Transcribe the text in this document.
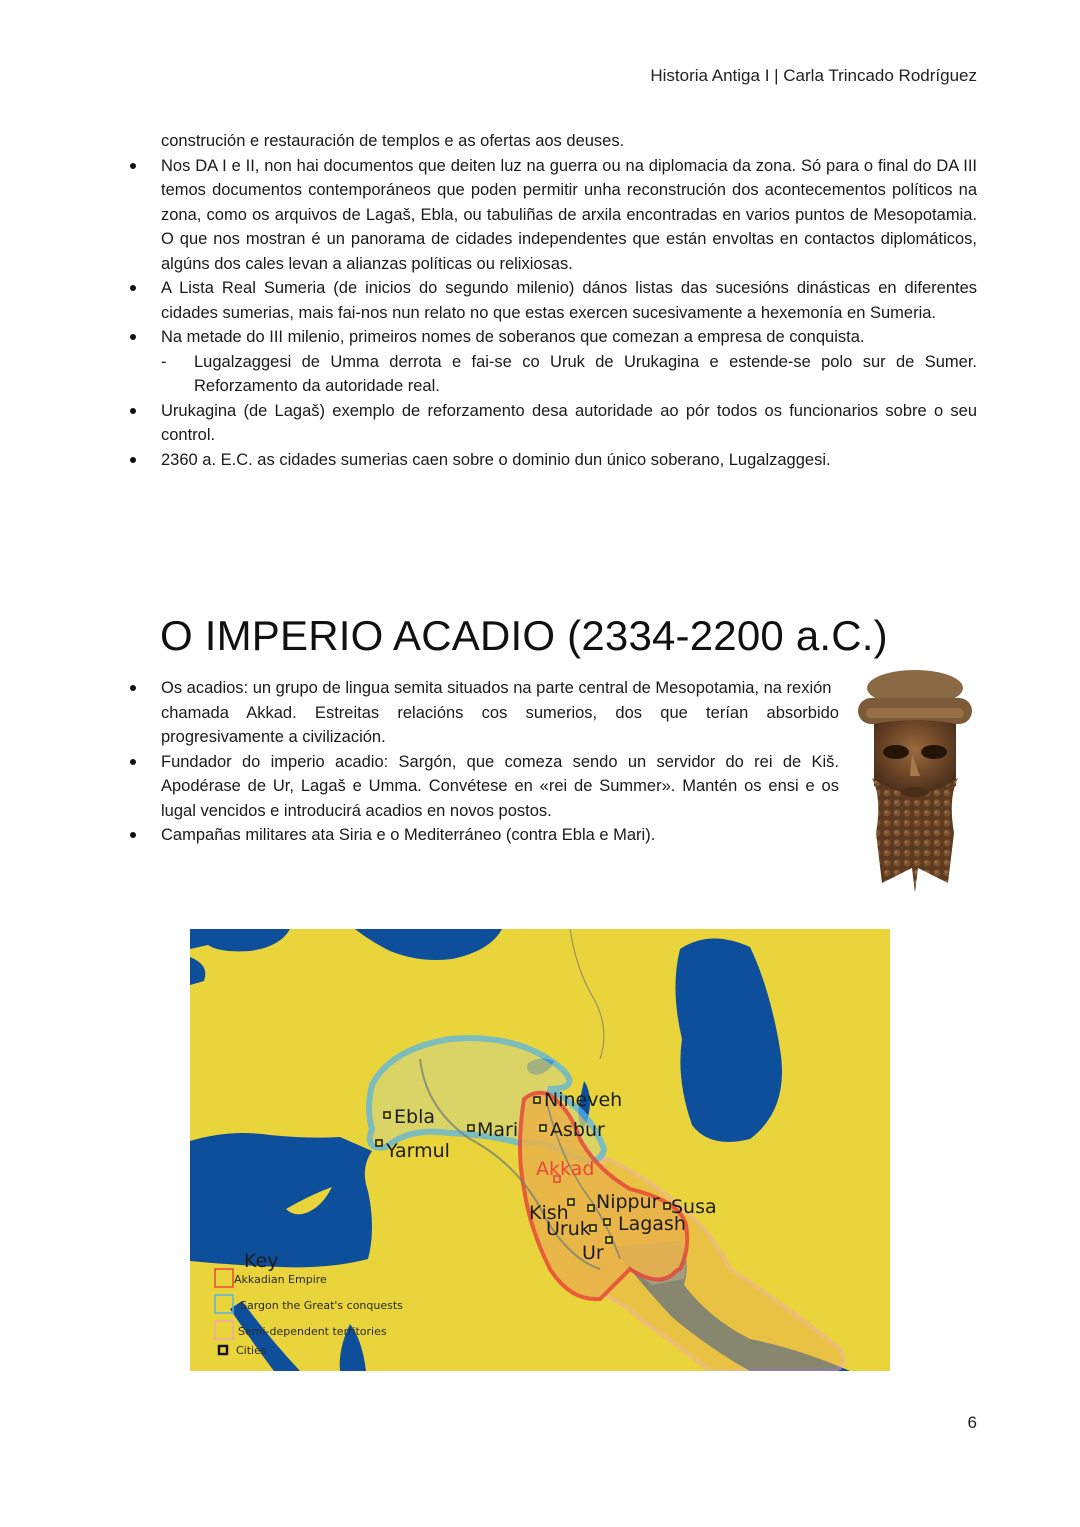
Historia Antiga I | Carla Trincado Rodríguez

construción e restauración de templos e as ofertas aos deuses.

Nos DA I e II, non hai documentos que deiten luz na guerra ou na diplomacia da zona. Só para o final do DA III temos documentos contemporáneos que poden permitir unha reconstrución dos acontecementos políticos na zona, como os arquivos de Lagaš, Ebla, ou tabuliñas de arxila encontradas en varios puntos de Mesopotamia. O que nos mostran é un panorama de cidades independentes que están envoltas en contactos diplomáticos, algúns dos cales levan a alianzas políticas ou relixiosas.
A Lista Real Sumeria (de inicios do segundo milenio) dános listas das sucesións dinásticas en diferentes cidades sumerias, mais fai-nos nun relato no que estas exercen sucesivamente a hexemonía en Sumeria.
Na metade do III milenio, primeiros nomes de soberanos que comezan a empresa de conquista.
- Lugalzaggesi de Umma derrota e fai-se co Uruk de Urukagina e estende-se polo sur de Sumer. Reforzamento da autoridade real.
Urukagina (de Lagaš) exemplo de reforzamento desa autoridade ao pór todos os funcionarios sobre o seu control.
2360 a. E.C. as cidades sumerias caen sobre o dominio dun único soberano, Lugalzaggesi.
O IMPERIO ACADIO (2334-2200 a.C.)
Os acadios: un grupo de lingua semita situados na parte central de Mesopotamia, na rexión
chamada Akkad. Estreitas relacións cos sumerios, dos que terían absorbido progresivamente a civilización.
Fundador do imperio acadio: Sargón, que comeza sendo un servidor do rei de Kiš. Apodérase de Ur, Lagaš e Umma. Convétese en «rei de Summer». Mantén os ensi e os lugal vencidos e introducirá acadios en novos postos.
Campañas militares ata Siria e o Mediterráneo (contra Ebla e Mari).
Ebla
Yarmul
Mari
Nineveh
Asbur
Akkad
Kish Nippur Susa
Uruk Lagash
Ur
Key
Akkadian Empire
Sargon the Great's conquests
Semi-dependent territories
Cities
6
